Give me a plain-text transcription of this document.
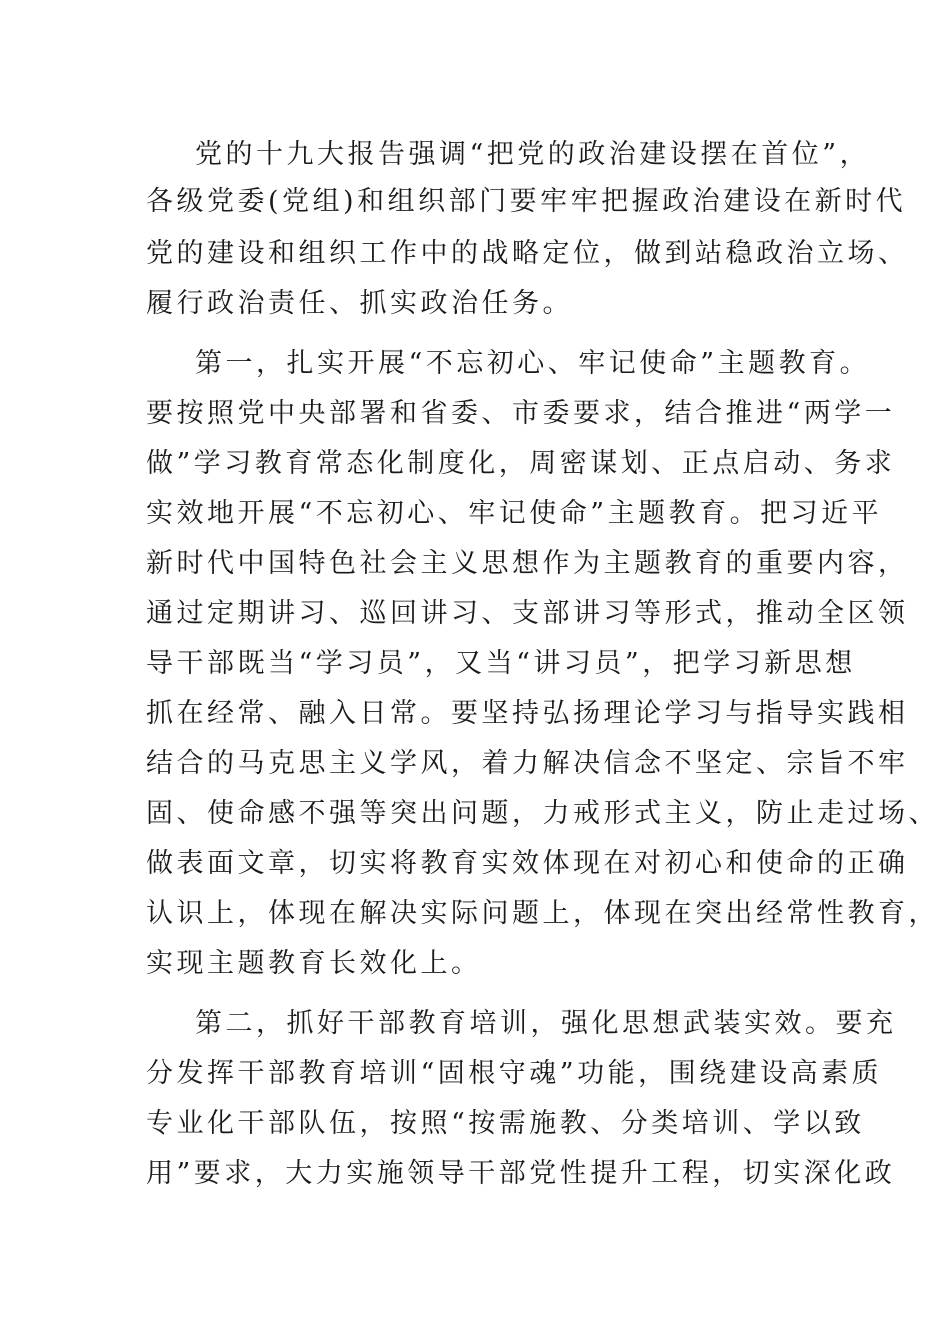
党的十九大报告强调“把党的政治建设摆在首位”，
各级党委(党组)和组织部门要牢牢把握政治建设在新时代
党的建设和组织工作中的战略定位，做到站稳政治立场、
履行政治责任、抓实政治任务。
第一，扎实开展“不忘初心、牢记使命”主题教育。
要按照党中央部署和省委、市委要求，结合推进“两学一
做”学习教育常态化制度化，周密谋划、正点启动、务求
实效地开展“不忘初心、牢记使命”主题教育。把习近平
新时代中国特色社会主义思想作为主题教育的重要内容，
通过定期讲习、巡回讲习、支部讲习等形式，推动全区领
导干部既当“学习员”，又当“讲习员”，把学习新思想
抓在经常、融入日常。要坚持弘扬理论学习与指导实践相
结合的马克思主义学风，着力解决信念不坚定、宗旨不牢
固、使命感不强等突出问题，力戒形式主义，防止走过场、
做表面文章，切实将教育实效体现在对初心和使命的正确
认识上，体现在解决实际问题上，体现在突出经常性教育，
实现主题教育长效化上。
第二，抓好干部教育培训，强化思想武装实效。要充
分发挥干部教育培训“固根守魂”功能，围绕建设高素质
专业化干部队伍，按照“按需施教、分类培训、学以致
用”要求，大力实施领导干部党性提升工程，切实深化政
